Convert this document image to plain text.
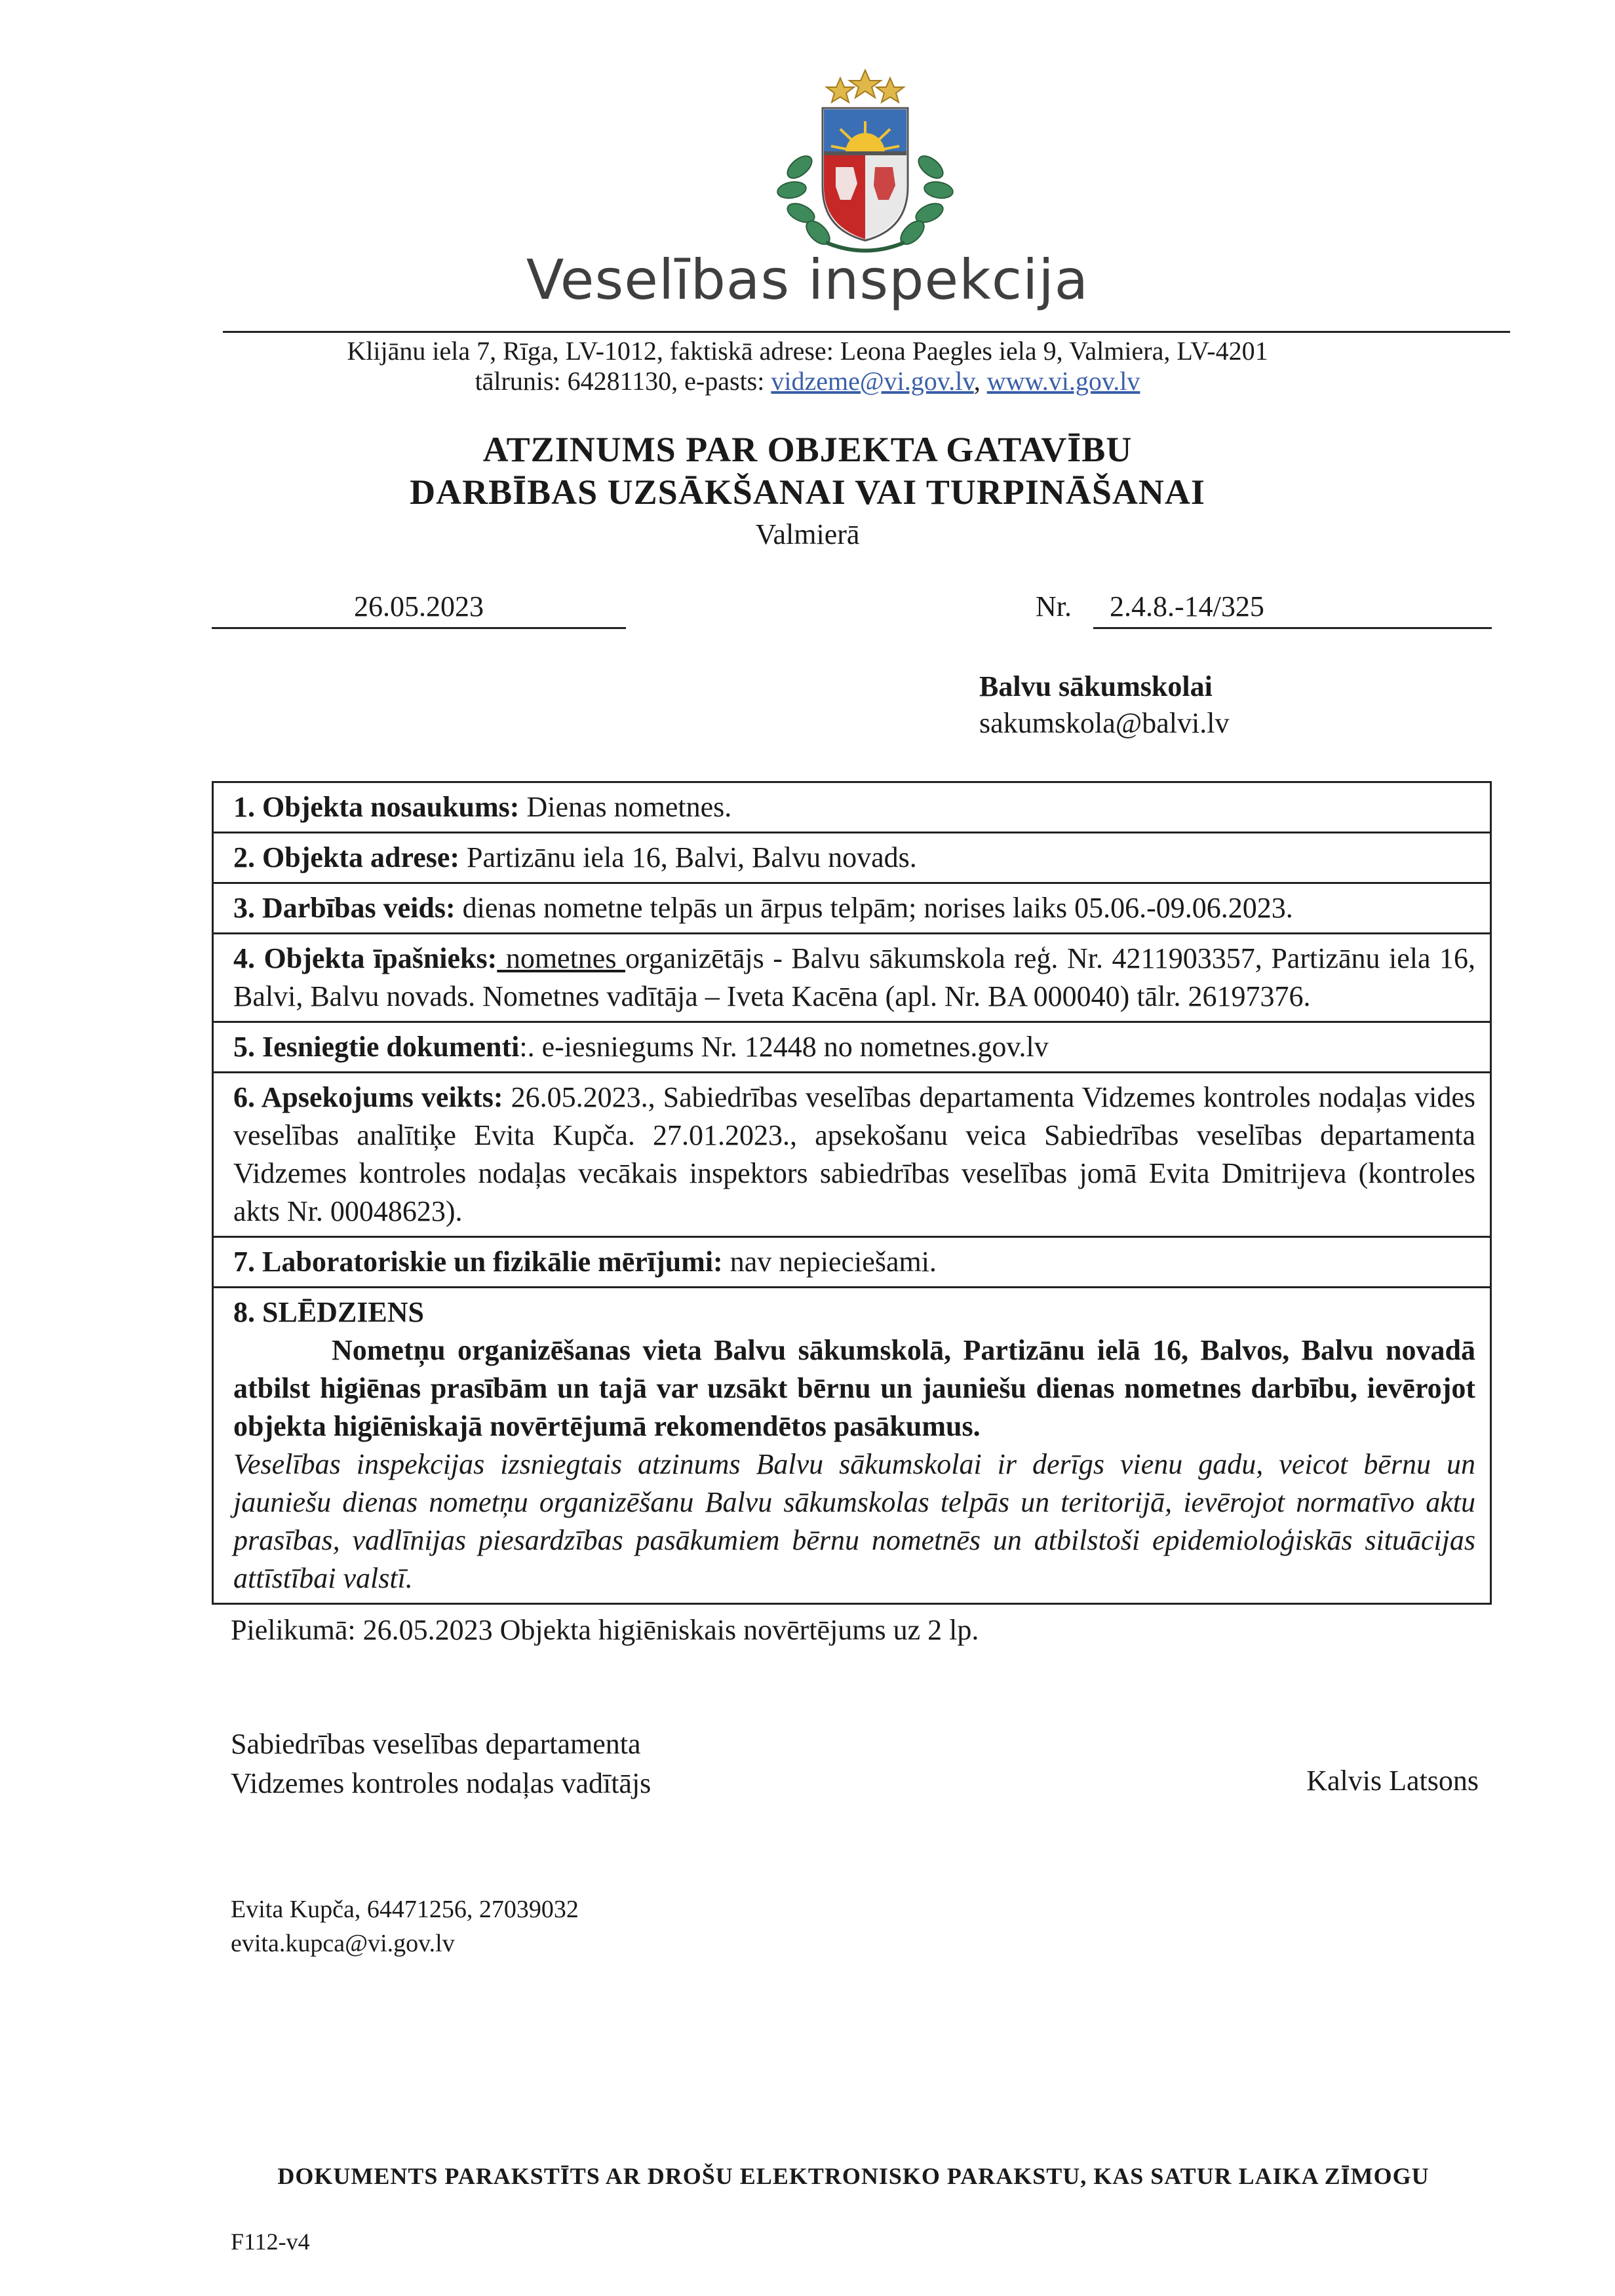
Veselības inspekcija
Klijānu iela 7, Rīga, LV-1012, faktiskā adrese: Leona Paegles iela 9, Valmiera, LV-4201
tālrunis: 64281130, e-pasts: vidzeme@vi.gov.lv, www.vi.gov.lv
ATZINUMS PAR OBJEKTA GATAVĪBU
DARBĪBAS UZSĀKŠANAI VAI TURPINĀŠANAI
Valmierā
26.05.2023	Nr.	2.4.8.-14/325
Balvu sākumskolai
sakumskola@balvi.lv
1. Objekta nosaukums: Dienas nometnes.
2. Objekta adrese: Partizānu iela 16, Balvi, Balvu novads.
3. Darbības veids: dienas nometne telpās un ārpus telpām; norises laiks 05.06.-09.06.2023.
4. Objekta īpašnieks: nometnes organizētājs - Balvu sākumskola reģ. Nr. 4211903357, Partizānu iela 16, Balvi, Balvu novads. Nometnes vadītāja – Iveta Kacēna (apl. Nr. BA 000040) tālr. 26197376.
5. Iesniegtie dokumenti:. e-iesniegums Nr. 12448 no nometnes.gov.lv
6. Apsekojums veikts: 26.05.2023., Sabiedrības veselības departamenta Vidzemes kontroles nodaļas vides veselības analītiķe Evita Kupča. 27.01.2023., apsekošanu veica Sabiedrības veselības departamenta Vidzemes kontroles nodaļas vecākais inspektors sabiedrības veselības jomā Evita Dmitrijeva (kontroles akts Nr. 00048623).
7. Laboratoriskie un fizikālie mērījumi: nav nepieciešami.
8. SLĒDZIENS
Nometņu organizēšanas vieta Balvu sākumskolā, Partizānu ielā 16, Balvos, Balvu novadā atbilst higiēnas prasībām un tajā var uzsākt bērnu un jauniešu dienas nometnes darbību, ievērojot objekta higiēniskajā novērtējumā rekomendētos pasākumus.
Veselības inspekcijas izsniegtais atzinums Balvu sākumskolai ir derīgs vienu gadu, veicot bērnu un jauniešu dienas nometņu organizēšanu Balvu sākumskolas telpās un teritorijā, ievērojot normatīvo aktu prasības, vadlīnijas piesardzības pasākumiem bērnu nometnēs un atbilstoši epidemioloģiskās situācijas attīstībai valstī.
Pielikumā: 26.05.2023 Objekta higiēniskais novērtējums uz 2 lp.
Sabiedrības veselības departamenta
Vidzemes kontroles nodaļas vadītājs	Kalvis Latsons
Evita Kupča, 64471256, 27039032
evita.kupca@vi.gov.lv
DOKUMENTS PARAKSTĪTS AR DROŠU ELEKTRONISKO PARAKSTU, KAS SATUR LAIKA ZĪMOGU
F112-v4
